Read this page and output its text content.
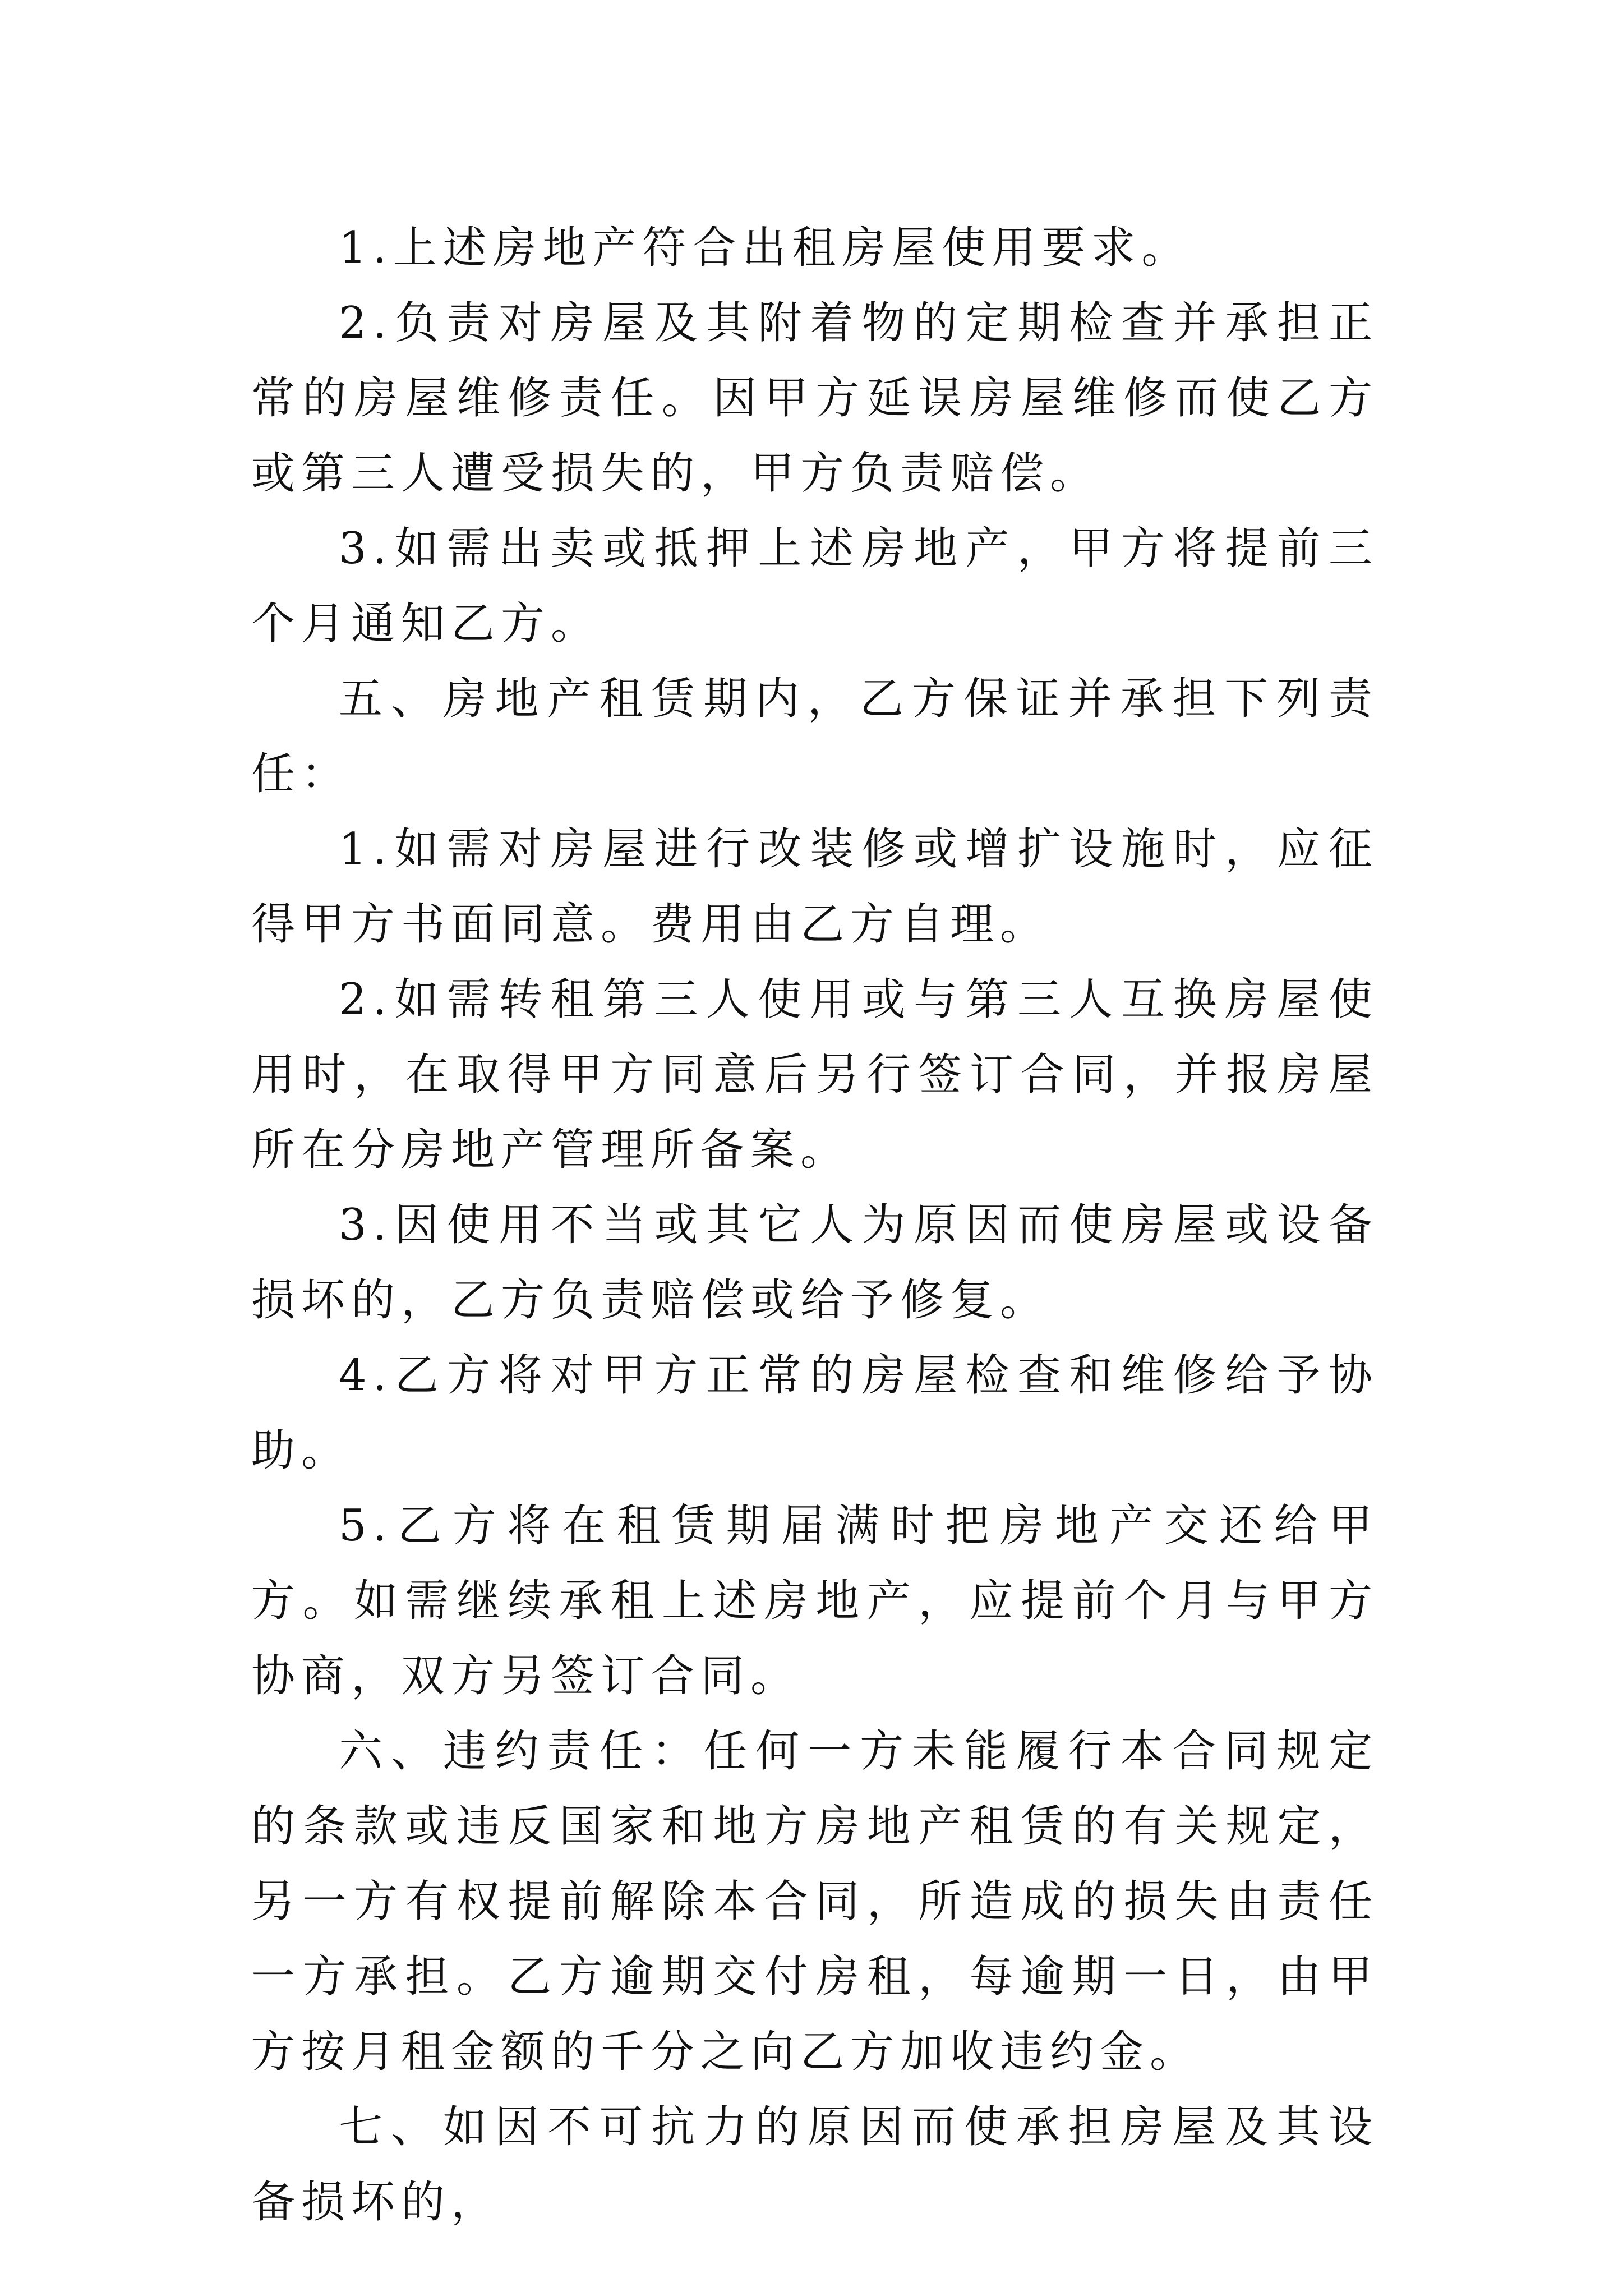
1.上述房地产符合出租房屋使用要求。

2.负责对房屋及其附着物的定期检查并承担正常的房屋维修责任。因甲方延误房屋维修而使乙方或第三人遭受损失的，甲方负责赔偿。

3.如需出卖或抵押上述房地产，甲方将提前三个月通知乙方。

五、房地产租赁期内，乙方保证并承担下列责任：

1.如需对房屋进行改装修或增扩设施时，应征得甲方书面同意。费用由乙方自理。

2.如需转租第三人使用或与第三人互换房屋使用时，在取得甲方同意后另行签订合同，并报房屋所在分房地产管理所备案。

3.因使用不当或其它人为原因而使房屋或设备损坏的，乙方负责赔偿或给予修复。

4.乙方将对甲方正常的房屋检查和维修给予协助。

5.乙方将在租赁期届满时把房地产交还给甲方。如需继续承租上述房地产，应提前个月与甲方协商，双方另签订合同。

六、违约责任：任何一方未能履行本合同规定的条款或违反国家和地方房地产租赁的有关规定，另一方有权提前解除本合同，所造成的损失由责任一方承担。乙方逾期交付房租，每逾期一日，由甲方按月租金额的千分之向乙方加收违约金。

七、如因不可抗力的原因而使承担房屋及其设备损坏的，
